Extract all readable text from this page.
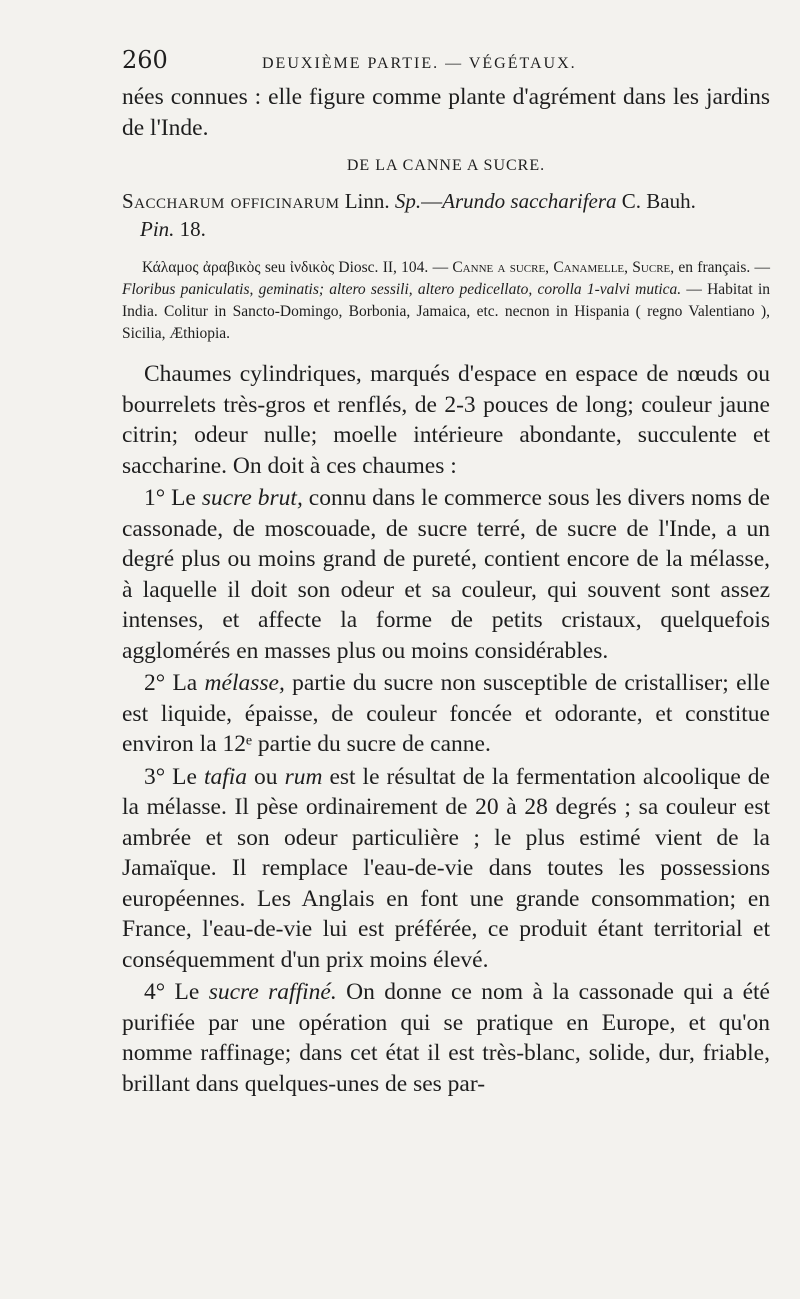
260	DEUXIÈME PARTIE. — VÉGÉTAUX.

nées connues : elle figure comme plante d'agrément dans les jardins de l'Inde.

DE LA CANNE A SUCRE.

Saccharum officinarum Linn. Sp.—Arundo saccharifera C. Bauh.
Pin. 18.

Κάλαμος ἀραβικὸς seu ἰνδικὸς Diosc. II, 104. — Canne a sucre, Canamelle, Sucre, en français. — Floribus paniculatis, geminatis; altero sessili, altero pedicellato, corolla 1-valvi mutica. — Habitat in India. Colitur in Sancto-Domingo, Borbonia, Jamaica, etc. necnon in Hispania ( regno Valentiano ), Sicilia, Æthiopia.

Chaumes cylindriques, marqués d'espace en espace de nœuds ou bourrelets très-gros et renflés, de 2-3 pouces de long; couleur jaune citrin; odeur nulle; moelle intérieure abondante, succulente et saccharine. On doit à ces chaumes :

1° Le sucre brut, connu dans le commerce sous les divers noms de cassonade, de moscouade, de sucre terré, de sucre de l'Inde, a un degré plus ou moins grand de pureté, contient encore de la mélasse, à laquelle il doit son odeur et sa couleur, qui souvent sont assez intenses, et affecte la forme de petits cristaux, quelquefois agglomérés en masses plus ou moins considérables.

2° La mélasse, partie du sucre non susceptible de cristalliser; elle est liquide, épaisse, de couleur foncée et odorante, et constitue environ la 12ᵉ partie du sucre de canne.

3° Le tafia ou rum est le résultat de la fermentation alcoolique de la mélasse. Il pèse ordinairement de 20 à 28 degrés ; sa couleur est ambrée et son odeur particulière ; le plus estimé vient de la Jamaïque. Il remplace l'eau-de-vie dans toutes les possessions européennes. Les Anglais en font une grande consommation; en France, l'eau-de-vie lui est préférée, ce produit étant territorial et conséquemment d'un prix moins élevé.

4° Le sucre raffiné. On donne ce nom à la cassonade qui a été purifiée par une opération qui se pratique en Europe, et qu'on nomme raffinage; dans cet état il est très-blanc, solide, dur, friable, brillant dans quelques-unes de ses par-
